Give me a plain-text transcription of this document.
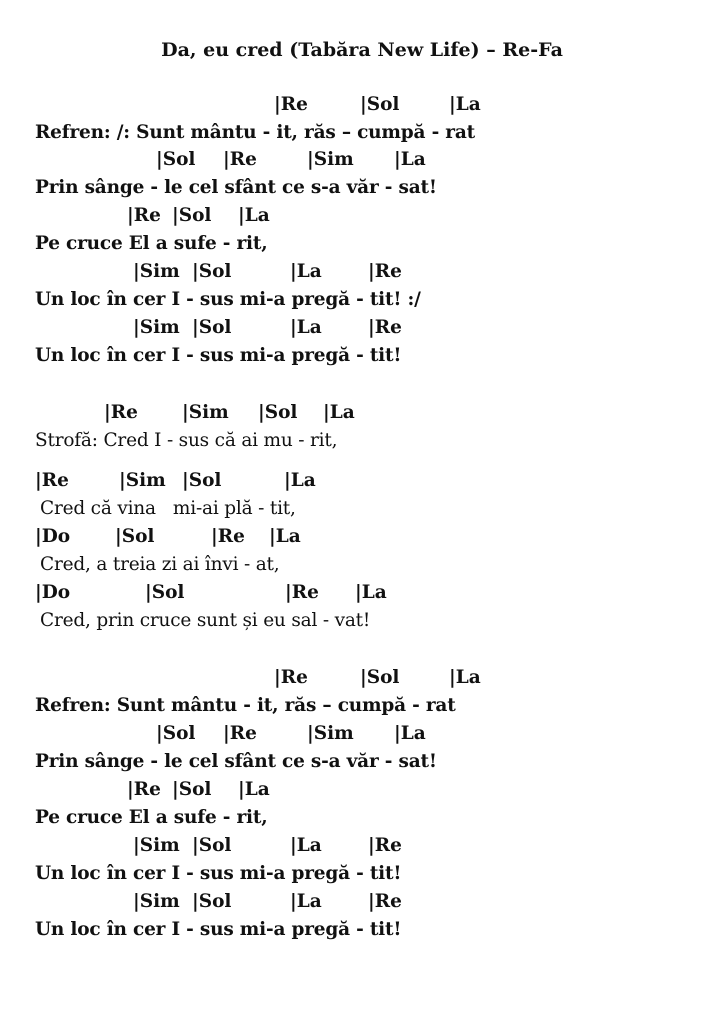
Da, eu cred (Tabăra New Life) – Re-Fa
|Re	|Sol	|La
Refren: /: Sunt mântu - it, răs – cumpă - rat
|Sol |Re	|Sim |La
Prin sânge - le cel sfânt ce s-a văr - sat!
|Re |Sol |La
Pe cruce El a sufe - rit,
|Sim |Sol	|La	|Re
Un loc în cer I - sus mi-a pregă - tit! :/
|Sim |Sol	|La	|Re
Un loc în cer I - sus mi-a pregă - tit!
|Re |Sim |Sol |La
Strofă: Cred I - sus că ai mu - rit,
|Re	|Sim |Sol	|La
Cred că vina   mi-ai plă - tit,
|Do |Sol	|Re |La
Cred, a treia zi ai învi - at,
|Do	|Sol	|Re |La
Cred, prin cruce sunt și eu sal - vat!
|Re	|Sol	|La
Refren: Sunt mântu - it, răs – cumpă - rat
|Sol |Re	|Sim |La
Prin sânge - le cel sfânt ce s-a văr - sat!
|Re |Sol |La
Pe cruce El a sufe - rit,
|Sim |Sol	|La	|Re
Un loc în cer I - sus mi-a pregă - tit!
|Sim |Sol	|La	|Re
Un loc în cer I - sus mi-a pregă - tit!
